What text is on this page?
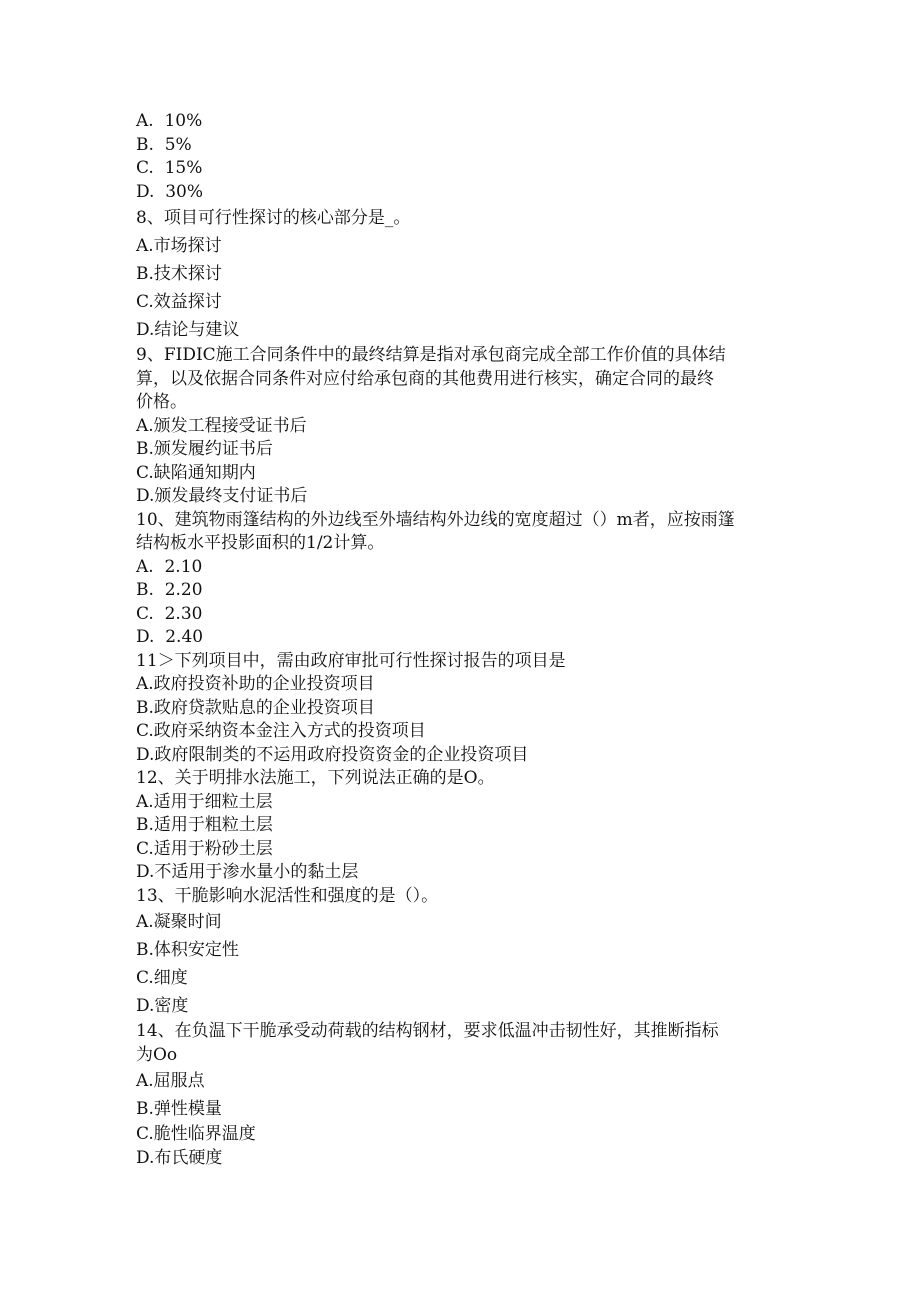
A.  10%

B.  5%

C.  15%

D.  30%

8、项目可行性探讨的核心部分是_。

A.市场探讨

B.技术探讨

C.效益探讨

D.结论与建议

9、FIDIC施工合同条件中的最终结算是指对承包商完成全部工作价值的具体结

算，以及依据合同条件对应付给承包商的其他费用进行核实，确定合同的最终

价格。

A.颁发工程接受证书后

B.颁发履约证书后

C.缺陷通知期内

D.颁发最终支付证书后

10、建筑物雨篷结构的外边线至外墙结构外边线的宽度超过（）m者，应按雨篷

结构板水平投影面积的1/2计算。

A.  2.10

B.  2.20

C.  2.30

D.  2.40

11＞下列项目中，需由政府审批可行性探讨报告的项目是

A.政府投资补助的企业投资项目

B.政府贷款贴息的企业投资项目

C.政府采纳资本金注入方式的投资项目

D.政府限制类的不运用政府投资资金的企业投资项目

12、关于明排水法施工，下列说法正确的是O。

A.适用于细粒土层

B.适用于粗粒土层

C.适用于粉砂土层

D.不适用于渗水量小的黏土层

13、干脆影响水泥活性和强度的是（）。

A.凝聚时间

B.体积安定性

C.细度

D.密度

14、在负温下干脆承受动荷载的结构钢材，要求低温冲击韧性好，其推断指标

为Oo

A.屈服点

B.弹性模量

C.脆性临界温度

D.布氏硬度
